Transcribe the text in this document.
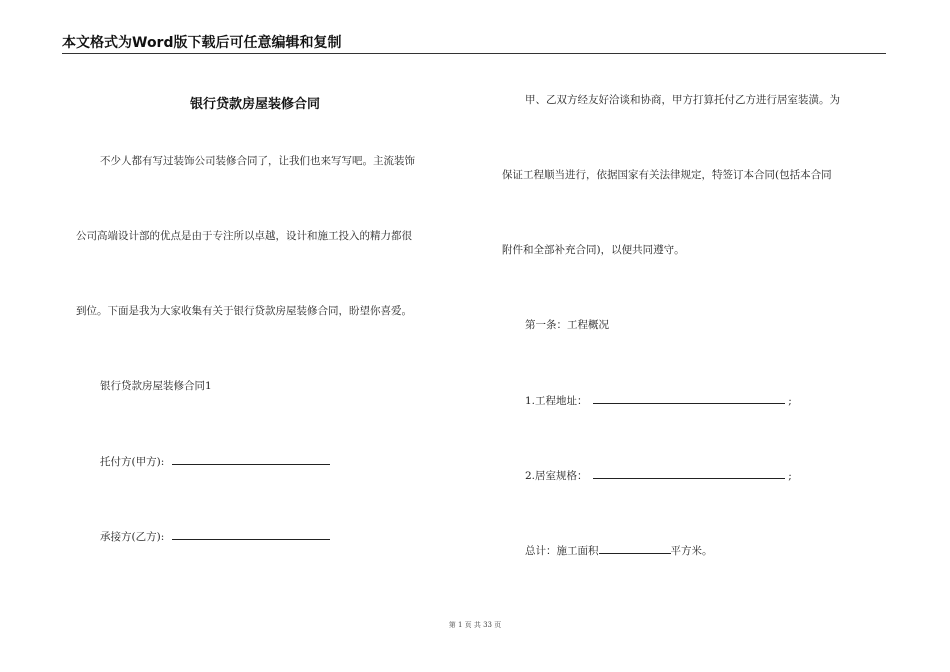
本文格式为Word版下载后可任意编辑和复制
银行贷款房屋装修合同
不少人都有写过装饰公司装修合同了，让我们也来写写吧。主流装饰
公司高端设计部的优点是由于专注所以卓越，设计和施工投入的精力都很
到位。下面是我为大家收集有关于银行贷款房屋装修合同，盼望你喜爱。
银行贷款房屋装修合同1
托付方(甲方):
承接方(乙方):
甲、乙双方经友好洽谈和协商，甲方打算托付乙方进行居室装潢。为
保证工程顺当进行，依据国家有关法律规定，特签订本合同(包括本合同
附件和全部补充合同)，以便共同遵守。
第一条：工程概况
1.工程地址：	;
2.居室规格：	;
总计：施工面积	平方米。
第 1 页 共 33 页
